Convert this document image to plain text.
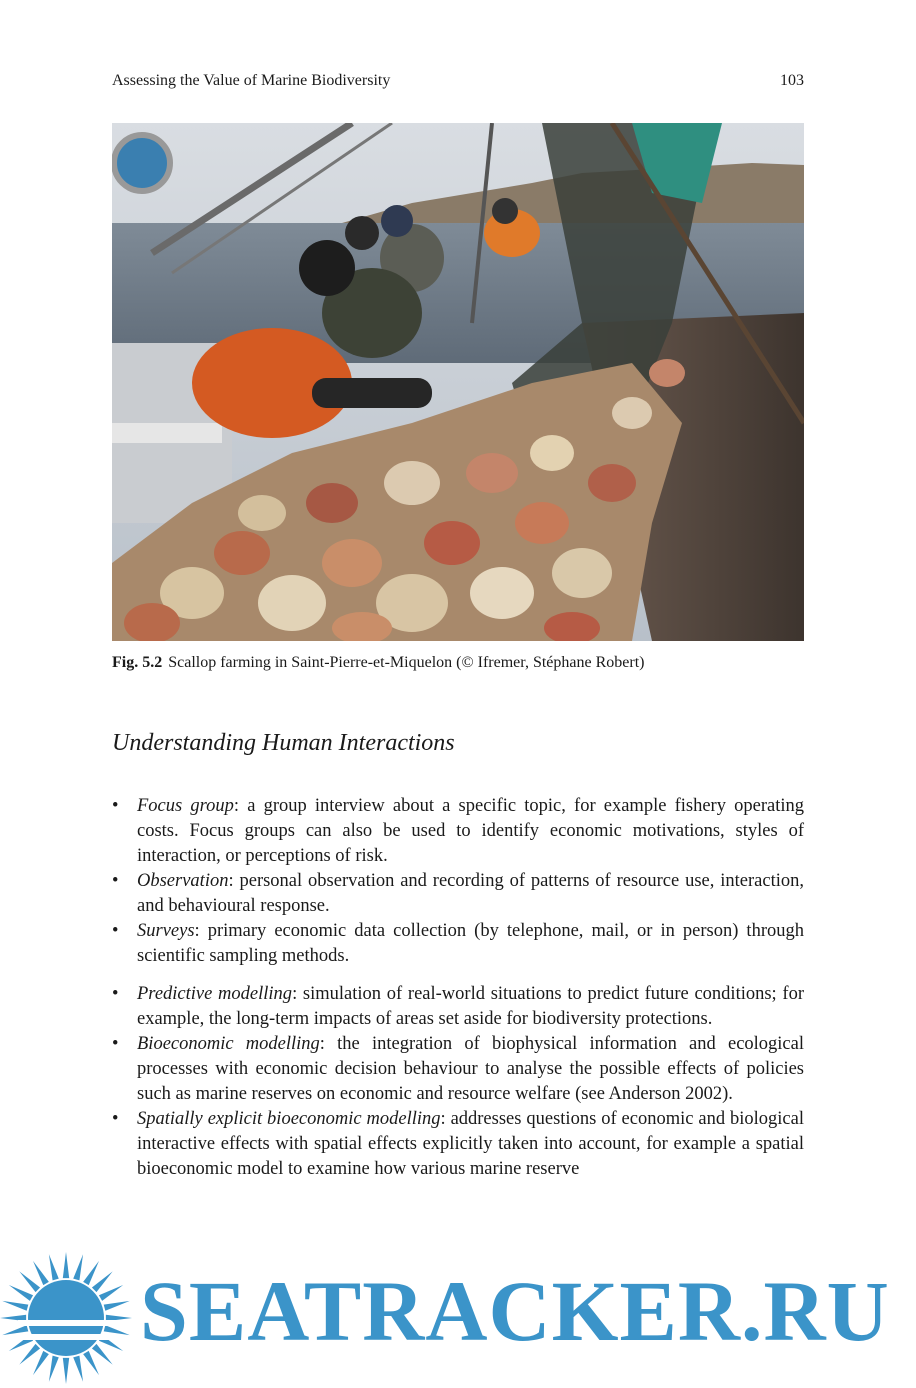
Assessing the Value of Marine Biodiversity	103
Fig. 5.2 Scallop farming in Saint-Pierre-et-Miquelon (© Ifremer, Stéphane Robert)
Understanding Human Interactions
• Focus group: a group interview about a specific topic, for example fishery operating costs. Focus groups can also be used to identify economic motivations, styles of interaction, or perceptions of risk.
• Observation: personal observation and recording of patterns of resource use, interaction, and behavioural response.
• Surveys: primary economic data collection (by telephone, mail, or in person) through scientific sampling methods.
• Predictive modelling: simulation of real-world situations to predict future conditions; for example, the long-term impacts of areas set aside for biodiversity protections.
• Bioeconomic modelling: the integration of biophysical information and ecological processes with economic decision behaviour to analyse the possible effects of policies such as marine reserves on economic and resource welfare (see Anderson 2002).
• Spatially explicit bioeconomic modelling: addresses questions of economic and biological interactive effects with spatial effects explicitly taken into account, for example a spatial bioeconomic model to examine how various marine reserve
SEATRACKER.RU
